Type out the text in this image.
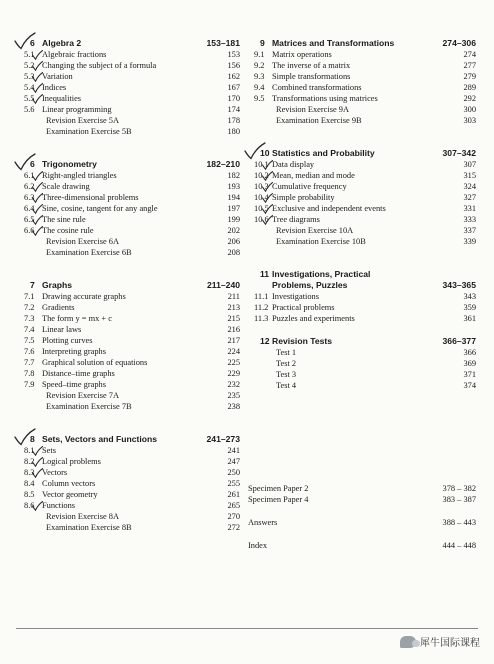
6 Algebra 2	153–181
5.1 Algebraic fractions	153
5.2 Changing the subject of a formula	156
5.3 Variation	162
5.4 Indices	167
5.5 Inequalities	170
5.6 Linear programming	174
Revision Exercise 5A	178
Examination Exercise 5B	180
6 Trigonometry	182–210
6.1 Right-angled triangles	182
6.2 Scale drawing	193
6.3 Three-dimensional problems	194
6.4 Sine, cosine, tangent for any angle	197
6.5 The sine rule	199
6.6 The cosine rule	202
Revision Exercise 6A	206
Examination Exercise 6B	208
7 Graphs	211–240
7.1 Drawing accurate graphs	211
7.2 Gradients	213
7.3 The form y = mx + c	215
7.4 Linear laws	216
7.5 Plotting curves	217
7.6 Interpreting graphs	224
7.7 Graphical solution of equations	225
7.8 Distance–time graphs	229
7.9 Speed–time graphs	232
Revision Exercise 7A	235
Examination Exercise 7B	238
8 Sets, Vectors and Functions	241–273
8.1 Sets	241
8.2 Logical problems	247
8.3 Vectors	250
8.4 Column vectors	255
8.5 Vector geometry	261
8.6 Functions	265
Revision Exercise 8A	270
Examination Exercise 8B	272
9 Matrices and Transformations	274–306
9.1 Matrix operations	274
9.2 The inverse of a matrix	277
9.3 Simple transformations	279
9.4 Combined transformations	289
9.5 Transformations using matrices	292
Revision Exercise 9A	300
Examination Exercise 9B	303
10 Statistics and Probability	307–342
10.1 Data display	307
10.2 Mean, median and mode	315
10.3 Cumulative frequency	324
10.4 Simple probability	327
10.5 Exclusive and independent events	331
10.6 Tree diagrams	333
Revision Exercise 10A	337
Examination Exercise 10B	339
11 Investigations, Practical
Problems, Puzzles	343–365
11.1 Investigations	343
11.2 Practical problems	359
11.3 Puzzles and experiments	361
12 Revision Tests	366–377
Test 1	366
Test 2	369
Test 3	371
Test 4	374
Specimen Paper 2	378 – 382
Specimen Paper 4	383 – 387
Answers	388 – 443
Index	444 – 448
犀牛国际课程
